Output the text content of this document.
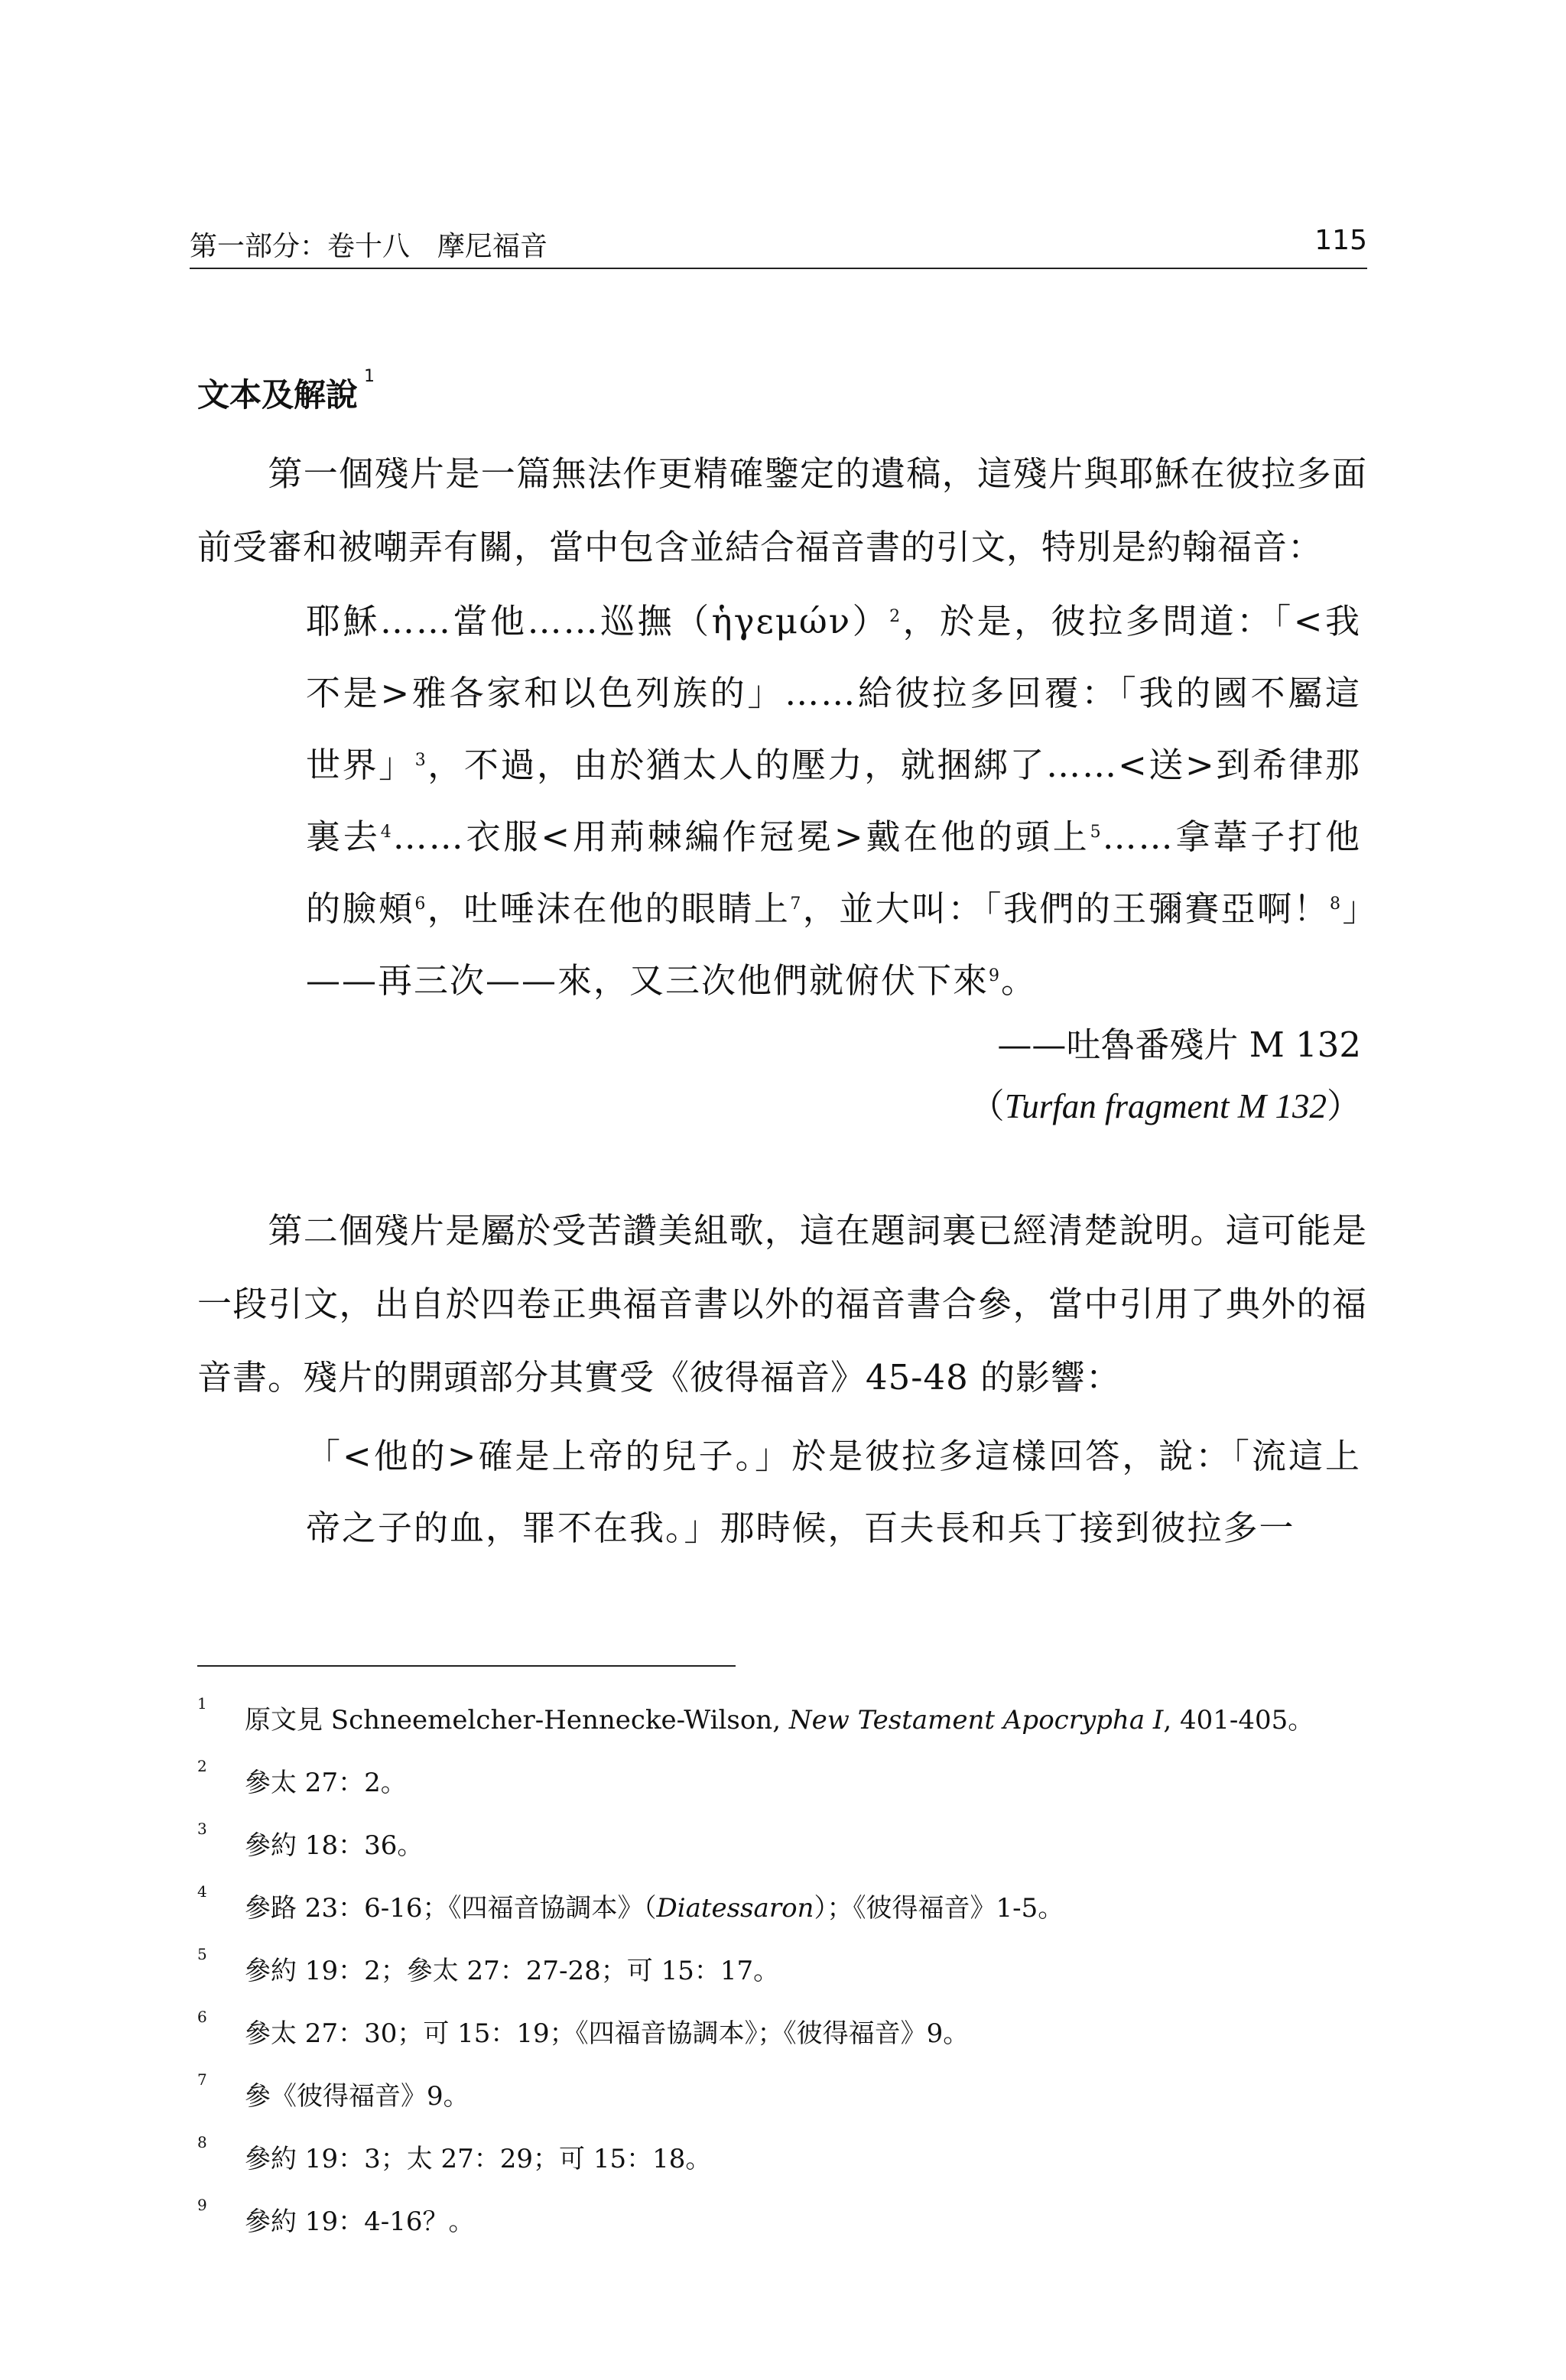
第一部分：卷十八　摩尼福音	115
文本及解說 $^1$

第一個殘片是一篇無法作更精確鑒定的遺稿，這殘片與耶穌在彼拉多面前受審和被嘲弄有關，當中包含並結合福音書的引文，特別是約翰福音：

耶穌……當他……巡撫（ἡγεμών）$^2$，於是，彼拉多問道：「<我不是>雅各家和以色列族的」……給彼拉多回覆：「我的國不屬這世界」$^3$，不過，由於猶太人的壓力，就捆綁了……<送>到希律那裏去$^4$……衣服<用荊棘編作冠冕>戴在他的頭上$^5$……拿葦子打他的臉頰$^6$，吐唾沫在他的眼睛上$^7$，並大叫：「我們的王彌賽亞啊！$^8$」——再三次——來，又三次他們就俯伏下來$^9$。

——吐魯番殘片 M 132
（Turfan fragment M 132）

第二個殘片是屬於受苦讚美組歌，這在題詞裏已經清楚說明。這可能是一段引文，出自於四卷正典福音書以外的福音書合參，當中引用了典外的福音書。殘片的開頭部分其實受《彼得福音》45-48 的影響：

「<他的>確是上帝的兒子。」於是彼拉多這樣回答，說：「流這上帝之子的血，罪不在我。」那時候，百夫長和兵丁接到彼拉多一

1
原文見 Schneemelcher-Hennecke-Wilson, New Testament Apocrypha I, 401-405。
2
參太 27：2。
3
參約 18：36。
4
參路 23：6-16；《四福音協調本》（Diatessaron）；《彼得福音》1-5。
5
參約 19：2；參太 27：27-28；可 15：17。
6
參太 27：30；可 15：19；《四福音協調本》；《彼得福音》9。
7
參《彼得福音》9。
8
參約 19：3；太 27：29；可 15：18。
9
參約 19：4-16？。
